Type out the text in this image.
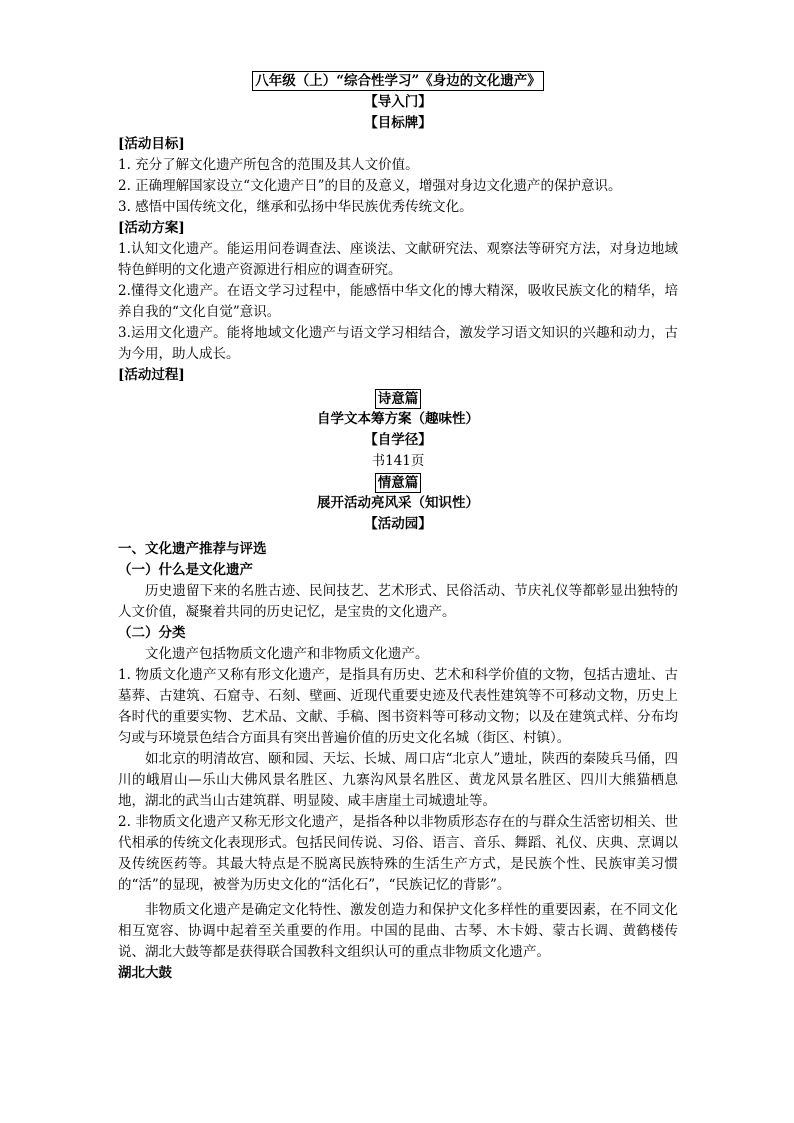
八年级（上）“综合性学习”《身边的文化遗产》
【导入门】
【目标牌】
[活动目标]
1. 充分了解文化遗产所包含的范围及其人文价值。
2. 正确理解国家设立“文化遗产日”的目的及意义，增强对身边文化遗产的保护意识。
3. 感悟中国传统文化，继承和弘扬中华民族优秀传统文化。
[活动方案]
1.认知文化遗产。能运用问卷调查法、座谈法、文献研究法、观察法等研究方法，对身边地域特色鲜明的文化遗产资源进行相应的调查研究。
2.懂得文化遗产。在语文学习过程中，能感悟中华文化的博大精深，吸收民族文化的精华，培养自我的“文化自觉”意识。
3.运用文化遗产。能将地域文化遗产与语文学习相结合，激发学习语文知识的兴趣和动力，古为今用，助人成长。
[活动过程]
诗意篇
自学文本筹方案（趣味性）
【自学径】
书141页
情意篇
展开活动亮风采（知识性）
【活动园】
一、文化遗产推荐与评选
（一）什么是文化遗产
历史遗留下来的名胜古迹、民间技艺、艺术形式、民俗活动、节庆礼仪等都彰显出独特的人文价值，凝聚着共同的历史记忆，是宝贵的文化遗产。
（二）分类
文化遗产包括物质文化遗产和非物质文化遗产。
1. 物质文化遗产又称有形文化遗产，是指具有历史、艺术和科学价值的文物，包括古遗址、古墓葬、古建筑、石窟寺、石刻、壁画、近现代重要史迹及代表性建筑等不可移动文物，历史上各时代的重要实物、艺术品、文献、手稿、图书资料等可移动文物；以及在建筑式样、分布均匀或与环境景色结合方面具有突出普遍价值的历史文化名城（街区、村镇）。
如北京的明清故宫、颐和园、天坛、长城、周口店“北京人”遗址，陕西的秦陵兵马俑，四川的峨眉山—乐山大佛风景名胜区、九寨沟风景名胜区、黄龙风景名胜区、四川大熊猫栖息地，湖北的武当山古建筑群、明显陵、咸丰唐崖土司城遗址等。
2. 非物质文化遗产又称无形文化遗产，是指各种以非物质形态存在的与群众生活密切相关、世代相承的传统文化表现形式。包括民间传说、习俗、语言、音乐、舞蹈、礼仪、庆典、烹调以及传统医药等。其最大特点是不脱离民族特殊的生活生产方式，是民族个性、民族审美习惯的“活”的显现，被誉为历史文化的“活化石”，“民族记忆的背影”。
非物质文化遗产是确定文化特性、激发创造力和保护文化多样性的重要因素，在不同文化相互宽容、协调中起着至关重要的作用。中国的昆曲、古琴、木卡姆、蒙古长调、黄鹤楼传说、湖北大鼓等都是获得联合国教科文组织认可的重点非物质文化遗产。
湖北大鼓
